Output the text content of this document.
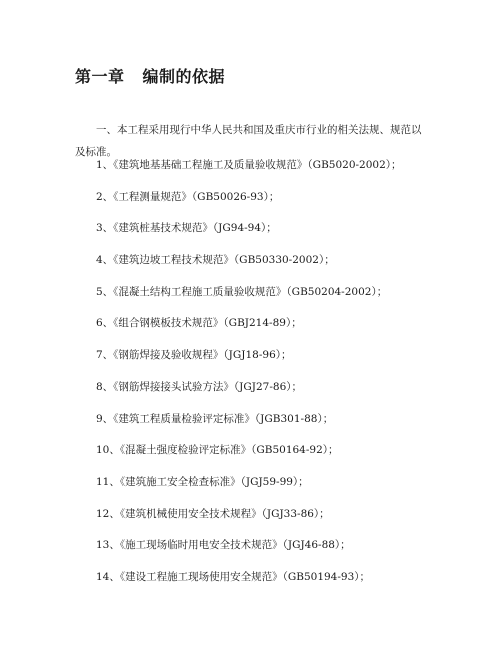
第一章 编制的依据

一、本工程采用现行中华人民共和国及重庆市行业的相关法规、规范以及标准。

1、《建筑地基基础工程施工及质量验收规范》（GB5020-2002）；
2、《工程测量规范》（GB50026-93）；
3、《建筑桩基技术规范》（JG94-94）；
4、《建筑边坡工程技术规范》（GB50330-2002）；
5、《混凝土结构工程施工质量验收规范》（GB50204-2002）；
6、《组合钢模板技术规范》（GBJ214-89）；
7、《钢筋焊接及验收规程》（JGJ18-96）；
8、《钢筋焊接接头试验方法》（JGJ27-86）；
9、《建筑工程质量检验评定标准》（JGB301-88）；
10、《混凝土强度检验评定标准》（GB50164-92）；
11、《建筑施工安全检查标准》（JGJ59-99）；
12、《建筑机械使用安全技术规程》（JGJ33-86）；
13、《施工现场临时用电安全技术规范》（JGJ46-88）；
14、《建设工程施工现场使用安全规范》（GB50194-93）；
